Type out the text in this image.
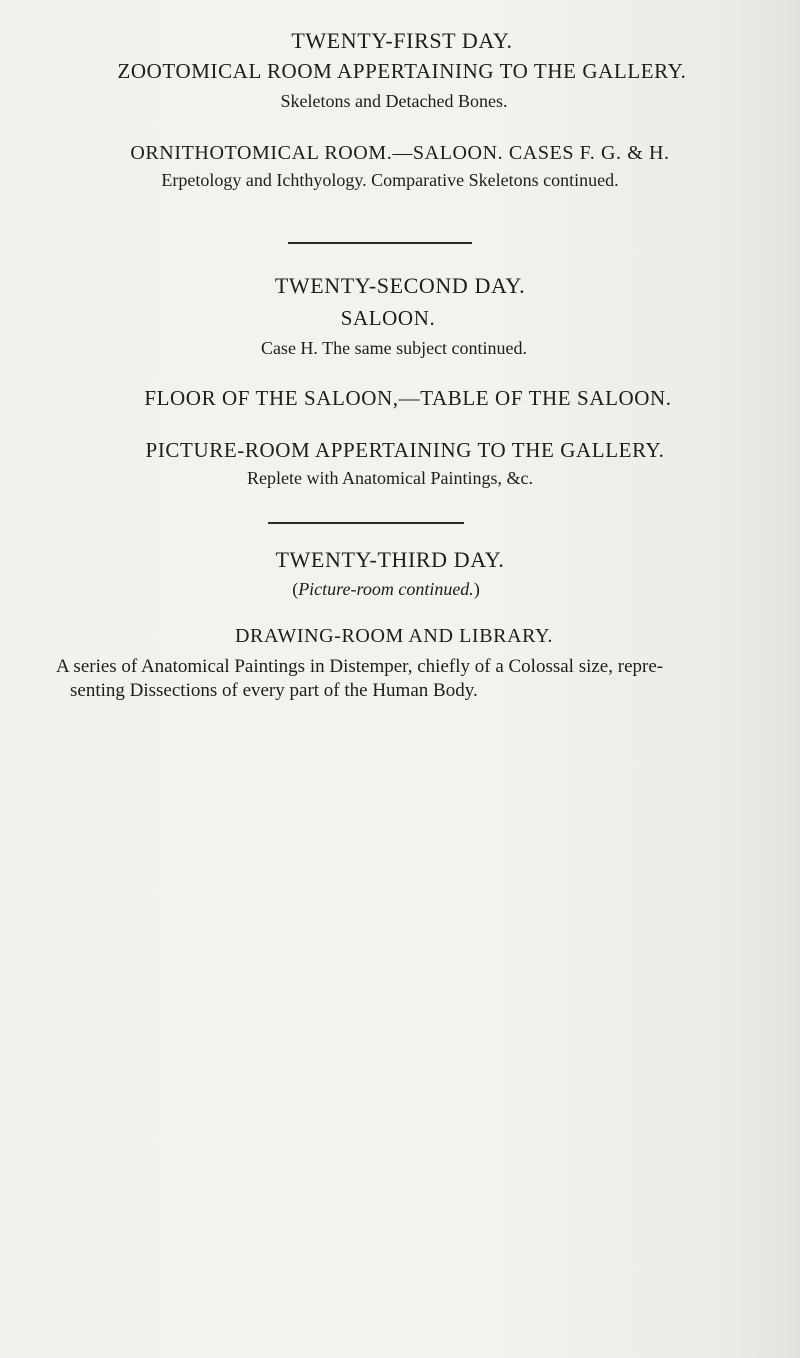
TWENTY-FIRST DAY.
ZOOTOMICAL ROOM APPERTAINING TO THE GALLERY.
Skeletons and Detached Bones.
ORNITHOTOMICAL ROOM.—SALOON. CASES F. G. & H.
Erpetology and Ichthyology. Comparative Skeletons continued.
TWENTY-SECOND DAY.
SALOON.
Case H. The same subject continued.
FLOOR OF THE SALOON,—TABLE OF THE SALOON.
PICTURE-ROOM APPERTAINING TO THE GALLERY.
Replete with Anatomical Paintings, &c.
TWENTY-THIRD DAY.
(Picture-room continued.)
DRAWING-ROOM AND LIBRARY.
A series of Anatomical Paintings in Distemper, chiefly of a Colossal size, repre-
senting Dissections of every part of the Human Body.
